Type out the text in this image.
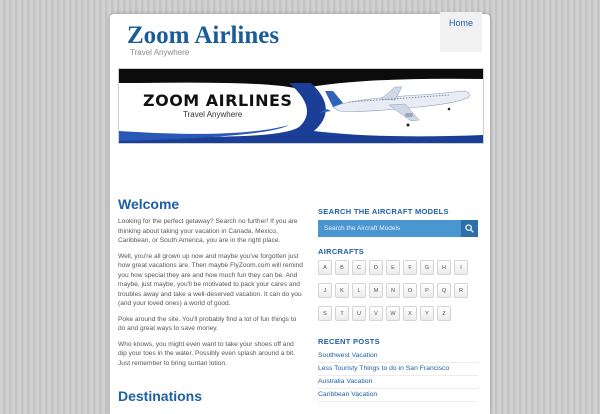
Zoom Airlines
Travel Anywhere
Home
ZOOM AIRLINES
Travel Anywhere
Welcome

Looking for the perfect getaway? Search no further! If you are thinking about taking your vacation in Canada, Mexico, Caribbean, or South America, you are in the right place.

Well, you're all grown up now and maybe you've forgotten just how great vacations are. Then maybe FlyZoom.com will remind you how special they are and how much fun they can be. And maybe, just maybe, you'll be motivated to pack your cares and troubles away and take a well-deserved vacation. It can do you (and your loved ones) a world of good.

Poke around the site. You'll probably find a lot of fun things to do and great ways to save money.

Who knows, you might even want to take your shoes off and dip your toes in the water. Possibly even splash around a bit. Just remember to bring suntan lotion.

Destinations
SEARCH THE AIRCRAFT MODELS
Search the Aircraft Models
AIRCRAFTS
A	B	C	D	E	F	G	H	I
J	K	L	M	N	O	P	Q	R
S	T	U	V	W	X	Y	Z
RECENT POSTS
Southwest Vacation
Less Touristy Things to do in San Francisco
Australia Vacation
Caribbean Vacation
